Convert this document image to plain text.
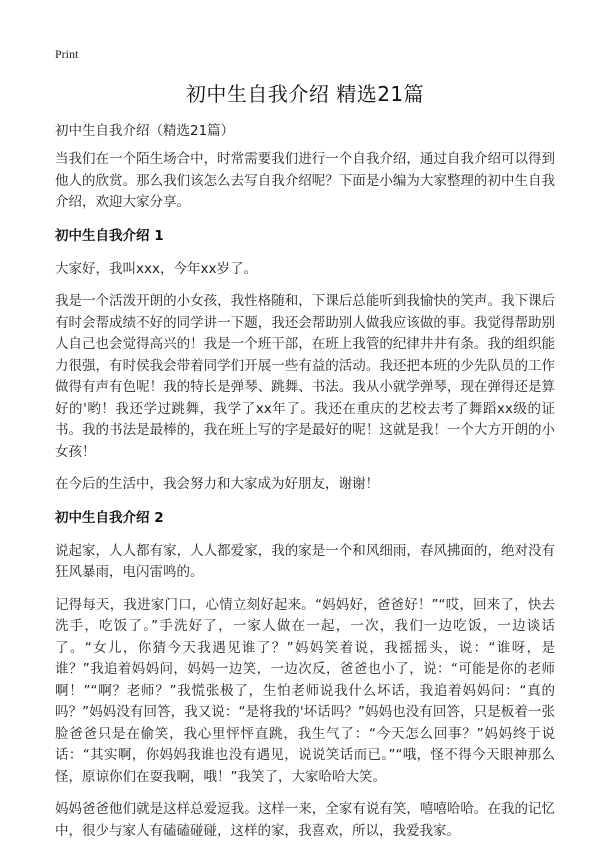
Print
初中生自我介绍 精选21篇
初中生自我介绍（精选21篇）

当我们在一个陌生场合中，时常需要我们进行一个自我介绍，通过自我介绍可以得到他人的欣赏。那么我们该怎么去写自我介绍呢？下面是小编为大家整理的初中生自我介绍，欢迎大家分享。

初中生自我介绍 1

大家好，我叫xxx，今年xx岁了。

我是一个活泼开朗的小女孩，我性格随和，下课后总能听到我愉快的笑声。我下课后有时会帮成绩不好的同学讲一下题，我还会帮助别人做我应该做的事。我觉得帮助别人自己也会觉得高兴的！我是一个班干部，在班上我管的纪律井井有条。我的组织能力很强，有时侯我会带着同学们开展一些有益的活动。我还把本班的少先队员的工作做得有声有色呢！我的特长是弹琴、跳舞、书法。我从小就学弹琴，现在弹得还是算好的'哟！我还学过跳舞，我学了xx年了。我还在重庆的艺校去考了舞蹈xx级的证书。我的书法是最棒的，我在班上写的字是最好的呢！这就是我！一个大方开朗的小女孩！

在今后的生活中，我会努力和大家成为好朋友，谢谢！

初中生自我介绍 2

说起家，人人都有家，人人都爱家，我的家是一个和风细雨，春风拂面的，绝对没有狂风暴雨，电闪雷鸣的。

记得每天，我进家门口，心情立刻好起来。“妈妈好，爸爸好！”“哎，回来了，快去洗手，吃饭了。”手洗好了，一家人做在一起，一次，我们一边吃饭，一边谈话了。“女儿，你猜今天我遇见谁了？”妈妈笑着说，我摇摇头，说：“谁呀，是谁？”我追着妈妈问，妈妈一边笑，一边次反，爸爸也小了，说：“可能是你的老师啊！”“啊？老师？”我慌张极了，生怕老师说我什么坏话，我追着妈妈问：“真的吗？”妈妈没有回答，我又说：“是将我的'坏话吗？”妈妈也没有回答，只是板着一张脸爸爸只是在偷笑，我心里怦怦直跳，我生气了：“今天怎么回事？”妈妈终于说话：“其实啊，你妈妈我谁也没有遇见，说说笑话而已。”“哦，怪不得今天眼神那么怪，原谅你们在耍我啊，哦！”我笑了，大家哈哈大笑。

妈妈爸爸他们就是这样总爱逗我。这样一来，全家有说有笑，嘻嘻哈哈。在我的记忆中，很少与家人有磕磕碰碰，这样的家，我喜欢，所以，我爱我家。
